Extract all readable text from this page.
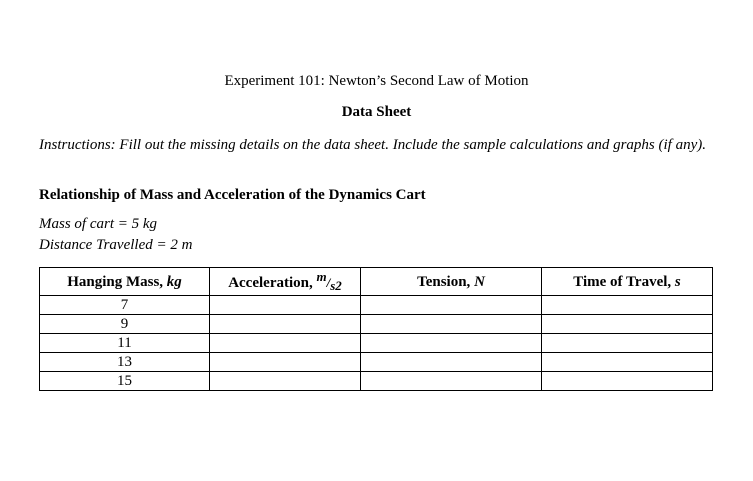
Experiment 101: Newton’s Second Law of Motion
Data Sheet
Instructions: Fill out the missing details on the data sheet. Include the sample calculations and graphs (if any).
Relationship of Mass and Acceleration of the Dynamics Cart
Mass of cart = 5 kg
Distance Travelled = 2 m
Hanging Mass, kg	Acceleration, $^m/_{s2}$	Tension, N	Time of Travel, s
7			
9			
11			
13			
15			
